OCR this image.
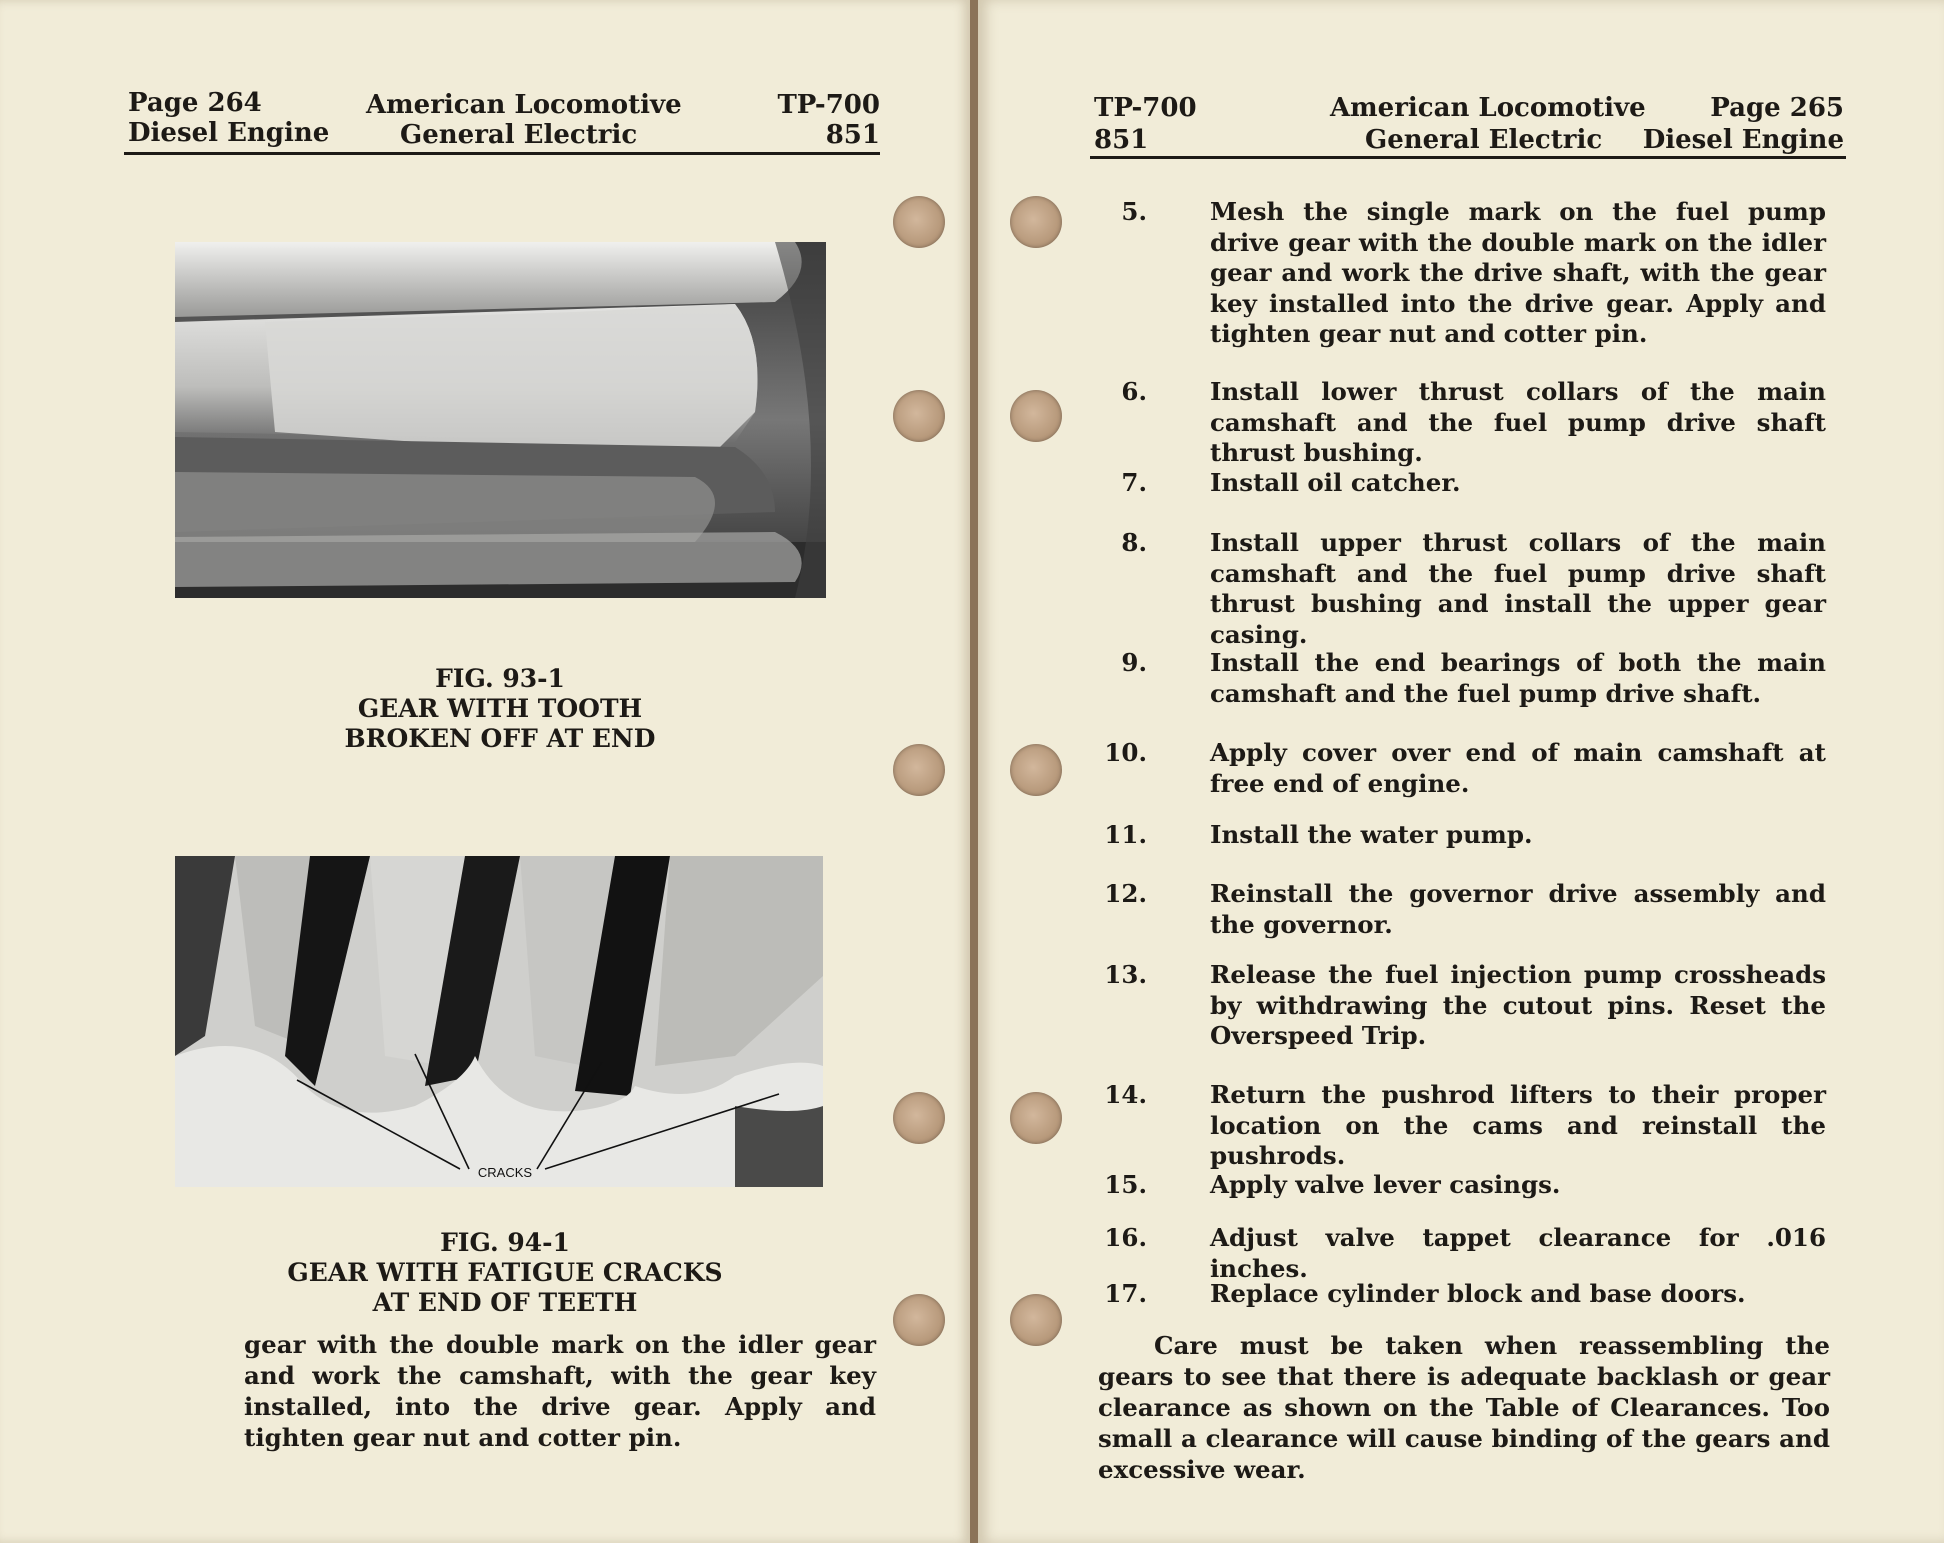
Page 264
Diesel Engine
American Locomotive
General Electric
TP-700
851
FIG. 93-1
GEAR WITH TOOTH
BROKEN OFF AT END
CRACKS
FIG. 94-1
GEAR WITH FATIGUE CRACKS
AT END OF TEETH
gear with the double mark on the idler gear and work the camshaft, with the gear key installed, into the drive gear. Apply and tighten gear nut and cotter pin.
TP-700
851
American Locomotive
General Electric
Page 265
Diesel Engine
5.	Mesh the single mark on the fuel pump drive gear with the double mark on the idler gear and work the drive shaft, with the gear key installed into the drive gear. Apply and tighten gear nut and cotter pin.
6.	Install lower thrust collars of the main camshaft and the fuel pump drive shaft thrust bushing.
7.	Install oil catcher.
8.	Install upper thrust collars of the main camshaft and the fuel pump drive shaft thrust bushing and install the upper gear casing.
9.	Install the end bearings of both the main camshaft and the fuel pump drive shaft.
10.	Apply cover over end of main camshaft at free end of engine.
11.	Install the water pump.
12.	Reinstall the governor drive assembly and the governor.
13.	Release the fuel injection pump crossheads by withdrawing the cutout pins. Reset the Overspeed Trip.
14.	Return the pushrod lifters to their proper location on the cams and reinstall the pushrods.
15.	Apply valve lever casings.
16.	Adjust valve tappet clearance for .016 inches.
17.	Replace cylinder block and base doors.
Care must be taken when reassembling the gears to see that there is adequate backlash or gear clearance as shown on the Table of Clearances. Too small a clearance will cause binding of the gears and excessive wear.
